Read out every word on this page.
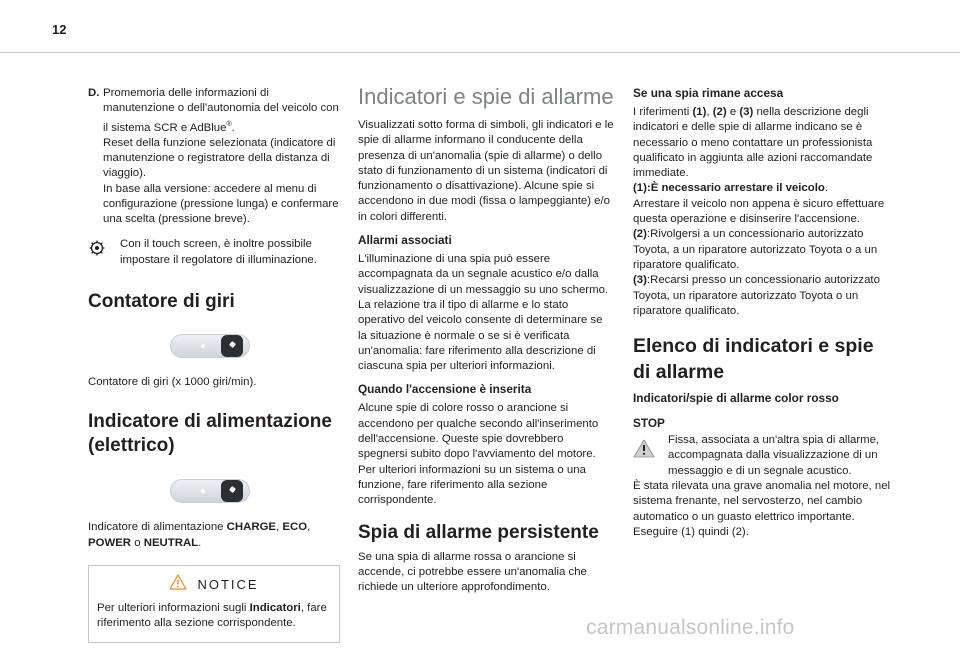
12
D. Promemoria delle informazioni di manutenzione o dell'autonomia del veicolo con il sistema SCR e AdBlue®.
Reset della funzione selezionata (indicatore di manutenzione o registratore della distanza di viaggio).
In base alla versione: accedere al menu di configurazione (pressione lunga) e confermare una scelta (pressione breve).
Con il touch screen, è inoltre possibile impostare il regolatore di illuminazione.
Contatore di giri

Contatore di giri (x 1000 giri/min).

Indicatore di alimentazione (elettrico)

Indicatore di alimentazione CHARGE, ECO,
POWER o NEUTRAL.

NOTICE
Per ulteriori informazioni sugli Indicatori, fare riferimento alla sezione corrispondente.
Indicatori e spie di allarme

Visualizzati sotto forma di simboli, gli indicatori e le spie di allarme informano il conducente della presenza di un'anomalia (spie di allarme) o dello stato di funzionamento di un sistema (indicatori di funzionamento o disattivazione). Alcune spie si accendono in due modi (fissa o lampeggiante) e/o in colori differenti.

Allarmi associati

L'illuminazione di una spia può essere accompagnata da un segnale acustico e/o dalla visualizzazione di un messaggio su uno schermo.
La relazione tra il tipo di allarme e lo stato operativo del veicolo consente di determinare se la situazione è normale o se si è verificata un'anomalia: fare riferimento alla descrizione di ciascuna spia per ulteriori informazioni.

Quando l'accensione è inserita

Alcune spie di colore rosso o arancione si accendono per qualche secondo all'inserimento dell'accensione. Queste spie dovrebbero spegnersi subito dopo l'avviamento del motore.
Per ulteriori informazioni su un sistema o una funzione, fare riferimento alla sezione corrispondente.

Spia di allarme persistente

Se una spia di allarme rossa o arancione si accende, ci potrebbe essere un'anomalia che richiede un ulteriore approfondimento.

Se una spia rimane accesa

I riferimenti (1), (2) e (3) nella descrizione degli indicatori e delle spie di allarme indicano se è necessario o meno contattare un professionista qualificato in aggiunta alle azioni raccomandate immediate.

(1):È necessario arrestare il veicolo.
Arrestare il veicolo non appena è sicuro effettuare questa operazione e disinserire l'accensione.

(2):Rivolgersi a un concessionario autorizzato Toyota, a un riparatore autorizzato Toyota o a un riparatore qualificato.

(3):Recarsi presso un concessionario autorizzato Toyota, un riparatore autorizzato Toyota o un riparatore qualificato.

Elenco di indicatori e spie di allarme
Indicatori/spie di allarme color rosso
STOP

Fissa, associata a un'altra spia di allarme, accompagnata dalla visualizzazione di un messaggio e di un segnale acustico.

È stata rilevata una grave anomalia nel motore, nel sistema frenante, nel servosterzo, nel cambio automatico o un guasto elettrico importante.

Eseguire (1) quindi (2).

carmanualsonline.info
